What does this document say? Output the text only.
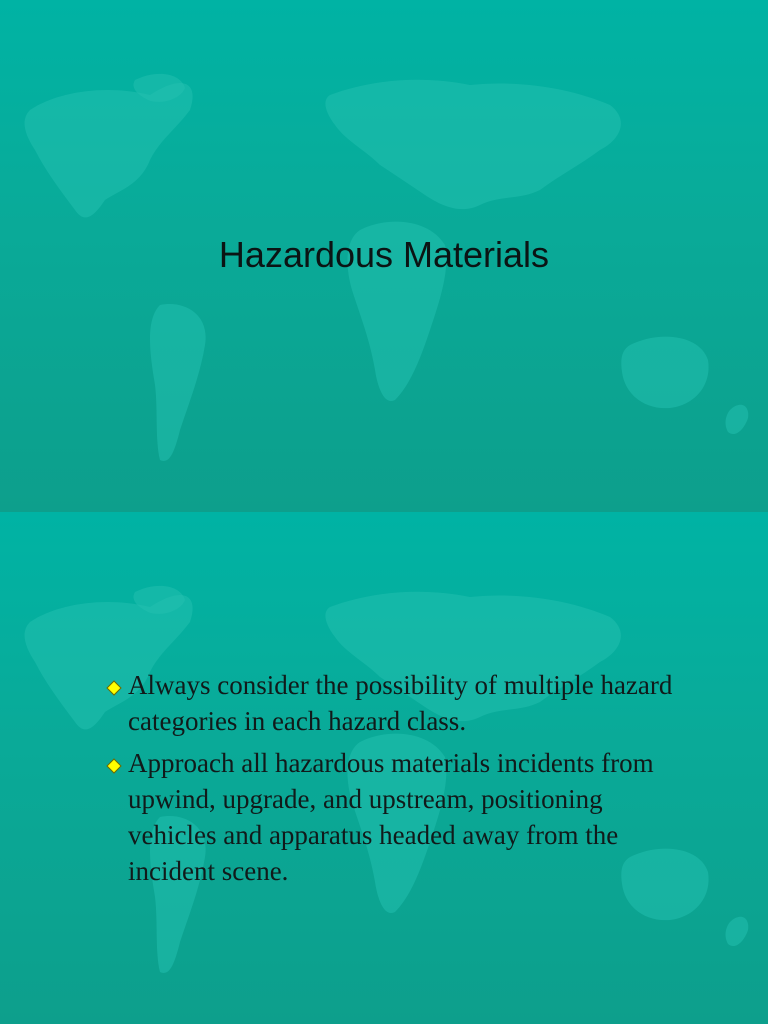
Hazardous Materials
Always consider the possibility of multiple hazard categories in each hazard class.
Approach all hazardous materials incidents from upwind, upgrade, and upstream, positioning vehicles and apparatus headed away from the incident scene.
